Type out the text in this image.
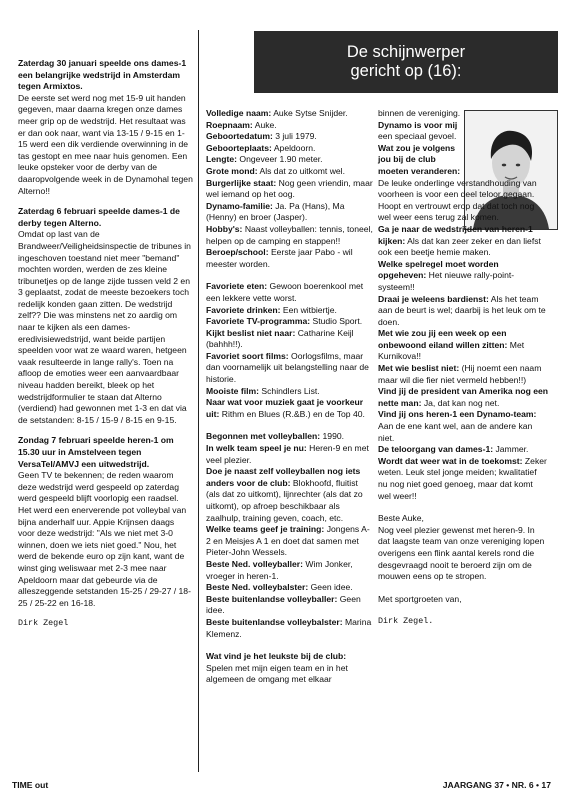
Zaterdag 30 januari speelde ons dames-1 een belangrijke wedstrijd in Amsterdam tegen Armixtos.

De eerste set werd nog met 15-9 uit handen gegeven, maar daarna kregen onze dames meer grip op de wedstrijd. Het resultaat was er dan ook naar, want via 13-15 / 9-15 en 1-15 werd een dik verdiende overwinning in de tas gestopt en mee naar huis genomen. Een leuke opsteker voor de derby van de daaropvolgende week in de Dynamohal tegen Alterno!!

Zaterdag 6 februari speelde dames-1 de derby tegen Alterno.

Omdat op last van de Brandweer/Veiligheidsinspectie de tribunes in ingeschoven toestand niet meer "bemand" mochten worden, werden de zes kleine tribunetjes op de lange zijde tussen veld 2 en 3 geplaatst, zodat de meeste bezoekers toch redelijk konden gaan zitten. De wedstrijd zelf?? Die was minstens net zo aardig om naar te kijken als een dames-eredivisiewedstrijd, want beide partijen speelden voor wat ze waard waren, hetgeen vaak resulteerde in lange rally's. Toen na afloop de emoties weer een aanvaardbaar niveau hadden bereikt, bleek op het wedstrijdformulier te staan dat Alterno (verdiend) had gewonnen met 1-3 en dat via de setstanden: 8-15 / 15-9 / 8-15 en 9-15.

Zondag 7 februari speelde heren-1 om 15.30 uur in Amstelveen tegen VersaTel/AMVJ een uitwedstrijd.

Geen TV te bekennen; de reden waarom deze wedstrijd werd gespeeld op zaterdag werd gespeeld blijft voorlopig een raadsel. Het werd een enerverende pot volleybal van bijna anderhalf uur. Appie Krijnsen daags voor deze wedstrijd: "Als we niet met 3-0 winnen, doen we iets niet goed." Nou, het werd de bekende euro op zijn kant, want de winst ging weliswaar met 2-3 mee naar Apeldoorn maar dat gebeurde via de alleszeggende setstanden 15-25 / 29-27 / 18-25 / 25-22 en 16-18.

Dirk Zegel

De schijnwerper
gericht op (16):

Volledige naam: Auke Sytse Snijder.

Roepnaam: Auke.

Geboortedatum: 3 juli 1979.

Geboorteplaats: Apeldoorn.

Lengte: Ongeveer 1.90 meter.

Grote mond: Als dat zo uitkomt wel.

Burgerlijke staat: Nog geen vriendin, maar wel iemand op het oog.

Dynamo-familie: Ja. Pa (Hans), Ma (Henny) en broer (Jasper).

Hobby's: Naast volleyballen: tennis, toneel, helpen op de camping en stappen!!

Beroep/school: Eerste jaar Pabo - wil meester worden.

Favoriete eten: Gewoon boerenkool met een lekkere vette worst.

Favoriete drinken: Een witbiertje.

Favoriete TV-programma: Studio Sport.

Kijkt beslist niet naar: Catharine Keijl (bahhh!!).

Favoriet soort films: Oorlogsfilms, maar dan voornamelijk uit belangstelling naar de historie.

Mooiste film: Schindlers List.

Naar wat voor muziek gaat je voorkeur uit: Rithm en Blues (R.&B.) en de Top 40.

Begonnen met volleyballen: 1990.

In welk team speel je nu: Heren-9 en met veel plezier.

Doe je naast zelf volleyballen nog iets anders voor de club: Blokhoofd, fluitist (als dat zo uitkomt), lijnrechter (als dat zo uitkomt), op afroep beschikbaar als zaalhulp, training geven, coach, etc.

Welke teams geef je training: Jongens A-2 en Meisjes A 1 en doet dat samen met Pieter-John Wessels.

Beste Ned. volleyballer: Wim Jonker, vroeger in heren-1.

Beste Ned. volleybalster: Geen idee.

Beste buitenlandse volleyballer: Geen idee.

Beste buitenlandse volleybalster: Marina Klemenz.

Wat vind je het leukste bij de club: Spelen met mijn eigen team en in het algemeen de omgang met elkaar

binnen de vereniging.

Dynamo is voor mij een speciaal gevoel.

Wat zou je volgens jou bij de club moeten veranderen:

De leuke onderlinge verstandhouding van voorheen is voor een deel teloor gegaan. Hoopt en vertrouwt erop dat dat toch nog wel weer eens terug zal komen.

Ga je naar de wedstrijden van heren-1 kijken: Als dat kan zeer zeker en dan liefst ook een beetje hemie maken.

Welke spelregel moet worden opgeheven: Het nieuwe rally-point-systeem!!

Draai je weleens bardienst: Als het team aan de beurt is wel; daarbij is het leuk om te doen.

Met wie zou jij een week op een onbewoond eiland willen zitten: Met Kurnikova!!

Met wie beslist niet: (Hij noemt een naam maar wil die fier niet vermeld hebben!!)

Vind jij de president van Amerika nog een nette man: Ja, dat kan nog net.

Vind jij ons heren-1 een Dynamo-team: Aan de ene kant wel, aan de andere kan niet.

De teloorgang van dames-1: Jammer.

Wordt dat weer wat in de toekomst: Zeker weten. Leuk stel jonge meiden; kwalitatief nu nog niet goed genoeg, maar dat komt wel weer!!

Beste Auke,

Nog veel plezier gewenst met heren-9. In dat laagste team van onze vereniging lopen overigens een flink aantal kerels rond die desgevraagd nooit te beroerd zijn om de mouwen eens op te stropen.

Met sportgroeten van,

Dirk Zegel.

TIME out	JAARGANG 37 • NR. 6 • 17
